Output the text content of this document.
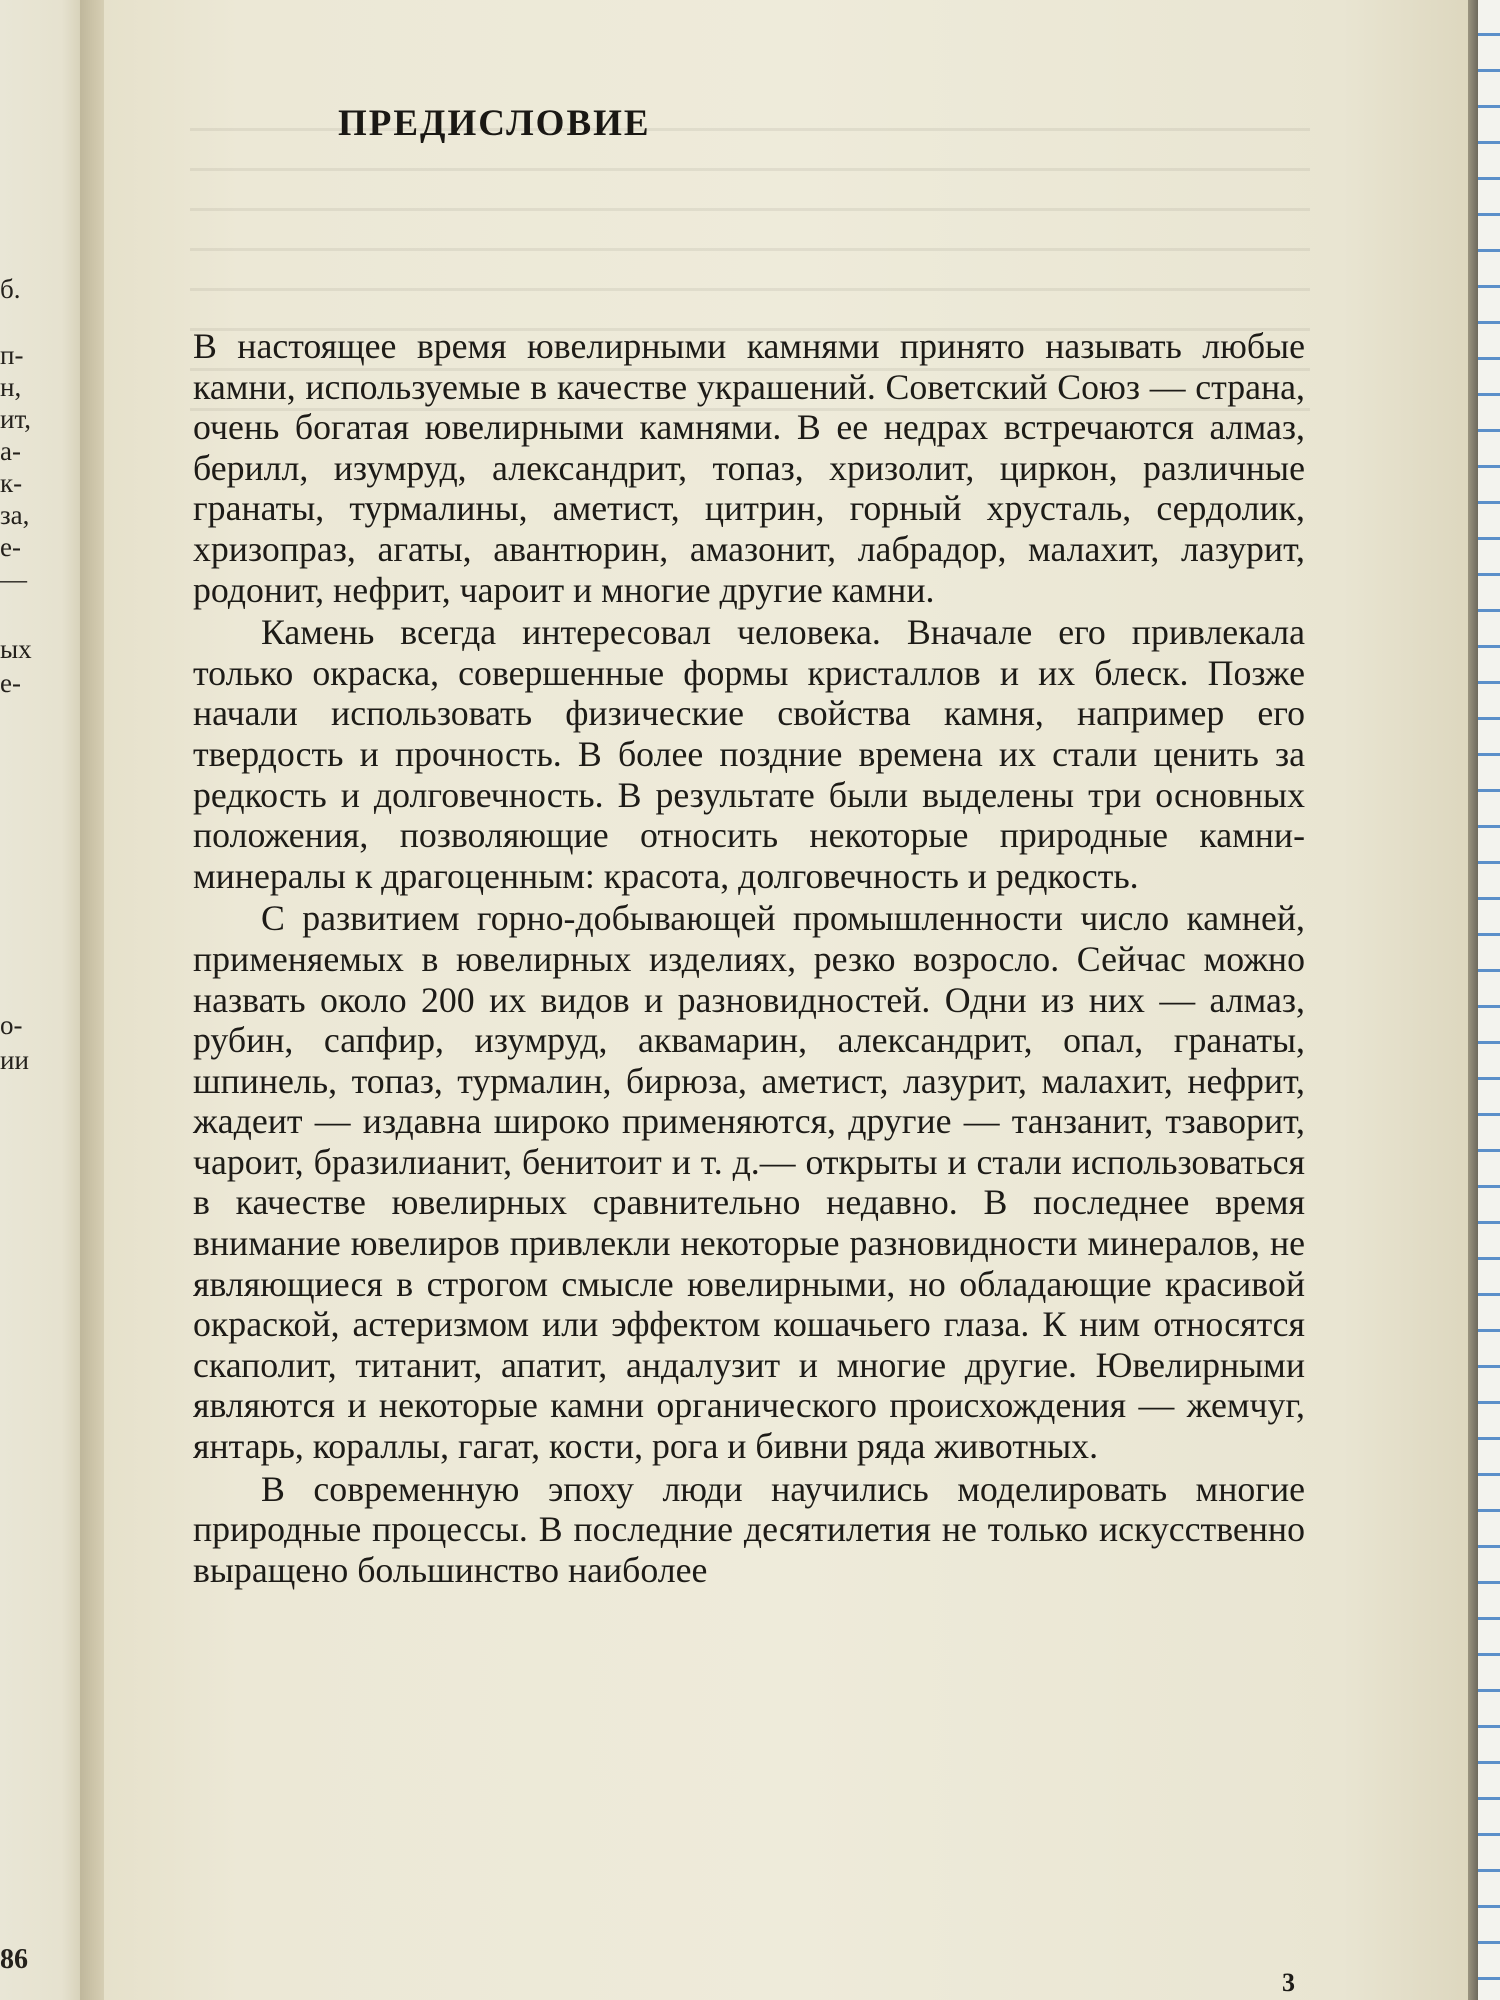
б.
п-
н,
ит,
а-
к-
за,
е-
—
ых
е-
о-
ии
86
ПРЕДИСЛОВИЕ

В настоящее время ювелирными камнями принято называть любые камни, используемые в качестве украшений. Советский Союз — страна, очень богатая ювелирными камнями. В ее недрах встречаются алмаз, берилл, изумруд, александрит, топаз, хризолит, циркон, различные гранаты, турмалины, аметист, цитрин, горный хрусталь, сердолик, хризопраз, агаты, авантюрин, амазонит, лабрадор, малахит, лазурит, родонит, нефрит, чароит и многие другие камни.

Камень всегда интересовал человека. Вначале его привлекала только окраска, совершенные формы кристаллов и их блеск. Позже начали использовать физические свойства камня, например его твердость и прочность. В более поздние времена их стали ценить за редкость и долговечность. В результате были выделены три основных положения, позволяющие относить некоторые природные камни-минералы к драгоценным: красота, долговечность и редкость.

С развитием горно-добывающей промышленности число камней, применяемых в ювелирных изделиях, резко возросло. Сейчас можно назвать около 200 их видов и разновидностей. Одни из них — алмаз, рубин, сапфир, изумруд, аквамарин, александрит, опал, гранаты, шпинель, топаз, турмалин, бирюза, аметист, лазурит, малахит, нефрит, жадеит — издавна широко применяются, другие — танзанит, тзаворит, чароит, бразилианит, бенитоит и т. д.— открыты и стали использоваться в качестве ювелирных сравнительно недавно. В последнее время внимание ювелиров привлекли некоторые разновидности минералов, не являющиеся в строгом смысле ювелирными, но обладающие красивой окраской, астеризмом или эффектом кошачьего глаза. К ним относятся скаполит, титанит, апатит, андалузит и многие другие. Ювелирными являются и некоторые камни органического происхождения — жемчуг, янтарь, кораллы, гагат, кости, рога и бивни ряда животных.

В современную эпоху люди научились моделировать многие природные процессы. В последние десятилетия не только искусственно выращено большинство наиболее

3
